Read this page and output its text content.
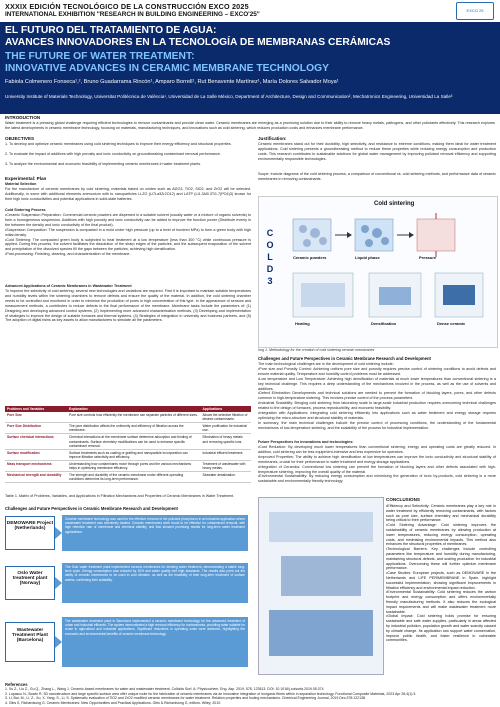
XXXIX EDICIÓN TECNOLÓGICO DE LA CONSTRUCCIÓN EXCO 2025
INTERNATIONAL EXHIBITION "RESEARCH IN BUILDING ENGINEERING – EXCO'25"
EXCO 25
EL FUTURO DEL TRATAMIENTO DE AGUA:
AVANCES INNOVADORES EN LA TECNOLOGÍA DE MEMBRANAS CERÁMICAS
THE FUTURE OF WATER TREATMENT:
INNOVATIVE ADVANCES IN CERAMIC MEMBRANE TECHNOLOGY
Fabiola Colmenero Fonseca¹,², Bruno Guadarrama Rincón¹, Amparo Borrell¹, Rut Benavente Martínez¹, María Dolores Salvador Moya¹
University Institute of Materials Technology, Universitat Politècnica de València¹, Universidad de La Salle México, Department of Architecture, Design and Communication², Mechatronics Engineering, Universidad La Salle³
INTRODUCTION
Water treatment is a pressing global challenge requiring efficient technologies to remove contaminants and provide clean water. Ceramic membranes are emerging as a promising solution due to their ability to remove heavy metals, pathogens, and other pollutants effectively. This research explores the latest developments in ceramic membrane technology, focusing on materials, manufacturing techniques, and innovations such as cold sintering, which reduces production costs and enhances membrane performance.
OBJECTIVES
1. To develop and optimize ceramic membranes using cold sintering techniques to improve their energy efficiency and structural properties.
2. To evaluate the impact of additives with high porosity and ionic conductivity on groundbreaking contaminant removal performance.
3. To analyze the environmental and economic feasibility of implementing ceramic membranes in water treatment plants.
Justification:
Ceramic membranes stand out for their durability, high selectivity, and resistance to extreme conditions, making them ideal for water treatment applications. Cold sintering presents a groundbreaking method to reduce these properties while reducing energy consumption and production costs. This research contributes to sustainable solutions for global water management by improving pollutant removal efficiency and supporting environmentally responsible technologies.
Scope: Include diagrams of the cold sintering process, a comparison of conventional vs. cold sintering methods, and performance data of ceramic membranes in removing contaminants.
Experimental: Plan
Material Selection
For the manufacture of ceramic membranes by cold sintering, materials based on oxides such as Al2O3, TiO2, SiO2, and ZrO2 will be selected. Additionally, in some with additional elements ammonium with to nanoparticles LLZO (Li7La3Zr2O12) and LATP (Li1.3Al0.3Ti1.7(PO4)3) known for their high ionic conductivities and potential applications in solid-state batteries.
Cold Sintering Process
•Ceramic Suspension Preparation: Commercial ceramic powders are dispersed in a suitable solvent (usually water or a mixture of organic solvents) to form a homogeneous suspension. Additives with high porosity and ionic conductivity can be added to improve the function power (Distribute evenly in the between the density and ionic conductivity of the final product).
•Suspension Compaction: The suspension is compacted in a mold under high pressure (up to a level of hundred MPa) to form a green body with high initial density.
•Cold Sintering: The compacted green body is subjected to heat treatment at a low temperature (less than 300 °C) while continuous pressure is applied. During this process, the solvent facilitates the dissolution of the sharp edges of the particles, and the subsequent evaporation of the solvent and precipitation of the dissolved species fill the gaps between the particles, achieving high densification.
•Post-processing: Finishing, cleaning, and characterization of the membrane.
Advanced Applications of Ceramic Membranes in Wastewater Treatment
To improve the selectivity of cold sintering, several new technologies and variations are required. First it is important to maintain suitable temperatures and humidity levels within the sintering chambers to remove defects and ensure the quality of the material. In addition, the cold sintering chamber needs to be controlled and monitored in order to minimise the production of pores in high concentration of this type. In the appearance of sensors and measurement methods, a contributes to reduce defects in the final performance of the membrane. Membrane tasks include the parameters of: (1) Designing and developing advanced control systems, (2) Implementing more advanced characterisation methods, (3) Developing and implementation of strategies to improve the design of suitable furnaces and thermal systems, (4) Strategies of integration in university and business partners, and (5) The adoption of digital twins as key assets to allow manufacturers to simulate all the parameters.
Problems and Variables	Explanation	Applications
Pore Size	Pore size controls how efficiently the membrane can separate particles of different sizes.	Allows the selective filtration of desired contaminants.
Pore Size Distribution	The pore distribution affects the uniformity and efficiency of filtration across the membrane.	Water purification for industrial use.
Surface chemical interactions	Chemical interactions at the membrane surface determine adsorption and binding of contaminants. Surface chemistry modifications can be used to enhance specific contaminant removal.	Elimination of heavy metals and removing specific ions.
Surface modification	Surface treatments such as coating or grafting and nanoparticle incorporation can improve filtration selectivity and efficiency.	Industrial effluent treatment.
Mass transport mechanisms	Understanding how contaminants move through pores and the various mechanisms helps in optimizing membrane efficiency.	Treatment of wastewater with heavy metals.
Mechanical strength and durability	The strength and durability of the ceramic membrane under different operating conditions determine its long-term performance.	Seawater desalination.
Table 1. Matrix of Problems, Variables, and Applications in Filtration Mechanisms and Properties of Ceramic Membranes in Water Treatment.
Challenges and Future Perspectives in Ceramic Membrane Research and Development
DEMOWARE Project (Netherlands)
Ceramic membrane technology was used for the effective removal of the pollutant phosphorus in an industrial application where wastewater treatment was selectively treated. Ceramic membranes were found to be effective for contaminant removal, with high retention rate of membrane and chemical stability, and that showed promising results for long-term water treatment applications.
Oslo Water treatment plant (Norway)
The Oslo water treatment plant implemented ceramic membranes for drinking water treatment, demonstrating a stable long-term cycle. Energy consumption was reduced by 20% and water quality met high standards. The results also point out the ability of ceramic membranes to be used in cold climates, as well as the feasibility of their long-term treatment of surface waters, confirming their suitability.
Wastewater Treatment Plant (Barcelona)
The wastewater treatment plant in Barcelona implemented a ceramic membrane technology for the advanced treatment of urban and industrial effluents. The system demonstrated a high removal efficiency for contaminants, providing water suitable for reuse in agricultural and industrial applications. Significant reductions in operating costs were achieved, highlighting the economic and environmental benefits of ceramic membrane technology.
C O L D 3
Cold sintering
Ceramic powders	Liquid phase	Pressure
Heating	Densification	Dense ceramic
Img 1. Methodology for the creation of cold sintering ceramic membranes
Challenges and Future Perspectives in Ceramic Membrane Research and Development
The main technological challenges are in the development of cold sintering include:
•Pore size and Porosity Control: Achieving uniform pore size and porosity requires precise control of sintering conditions to avoid defects and ensure material quality. Temperature and humidity control problems must be addressed.
•Low temperature and Low Temperature: Achieving high densification of materials at much lower temperatures than conventional sintering is a key technical challenge. This requires a deep understanding of the mechanisms involved in the process, as well as the use of solvents and additives.
•Defect Elimination: Developments and technical solutions are needed to prevent the formation of blocking layers, pores, and other defects common in high-temperature sintering. This involves precise control of the process parameters.
•Industrial Scalability: Bringing cold sintering from laboratory scale to large-scale industrial production requires overcoming technical challenges related to the design of furnaces, process reproducibility, and economic feasibility.
•Integration with Applications: Integrating cold sintering efficiently into applications such as water treatment and energy storage requires optimizing the micro-structure and structural stability of materials.
In summary, the main technical challenges include the precise control of processing conditions, the understanding of the fundamental mechanisms of low-temperature sintering, and the scalability of the process for industrial implementation.
Future Perspectives for innovations and technologies:
•Cost Reduction: By developing much lower temperatures than conventional sintering, energy and operating costs are greatly reduced. In addition, cold sintering can be less equipment-intensive and less expensive for operators.
•Improved Properties: The ability to achieve high densification at low temperatures can improve the ionic conductivity and structural stability of membranes, crucial for their performance in water treatment and energy storage applications.
•Integration of Ceramics: Conventional low sintering can prevent the formation of blocking layers and other defects associated with high-temperature sintering, improving the overall quality of the material.
•Environmental Sustainability: By reducing energy consumption and minimising the generation of toxic by-products, cold sintering is a more sustainable and environmentally friendly technology.
CONCLUSIONS
•Efficiency and Selectivity: Ceramic membranes play a key role in water treatment by efficiently removing contaminants, with factors such as pore size, surface chemistry and mechanical durability being critical to their performance.
•Cold Sintering Advantage: Cold sintering improves the sustainability of ceramic membranes by allowing production at lower temperatures, reducing energy consumption, operating costs, and minimising environmental impacts. This method also enhances the structural properties of membranes.
•Technological Barriers: Key challenges include controlling parameters like temperature and humidity during manufacturing, maintaining structural defects, and scaling production for industrial applications. Overcoming these will further optimize membrane performance.
•Case Studies: European projects, such as DEMOWARE in the Netherlands and LIFE PERIMEMBRANE in Spain, highlight successful implementation, showing significant improvements in filtration efficiency and environmental impact reduction.
•Environmental Sustainability: Cold sintering reduces the carbon footprint and energy consumption and offers environmentally friendly manufacturing methods. It also reduces the ecological impact requirements and will make wastewater treatment more sustainable.
•Global Impact: Cold sintering holds promise for ensuring sustainable and safe water supplies, particularly in areas affected by industrial pollution, population growth and water scarcity caused by climate change. Its application can support water conservation, improve public health, and foster resilience in vulnerable communities.
References
1. Xu Z., Liu Z., Gu Q., Zhang L., Wang J. Ceramic-based membranes for water and wastewater treatment. Colloids Surf. A: Physicochem. Eng. Asp. 2019, 578, 123513. DOI: 10.1016/j.colsurfa.2019.05.074
2. Lupascu N., Bowin R. 3D nanostructure and large specific surface area offer unique route for the fabrication of ceramic membranes via an innovative integration of inorganic fibres within in separation technology. Functional Composite Materials, 2023 Apr 26;4(1):3.
3. Li, Bai, M., Li, Z., Xu, X. Yang, S., Li, S. Systematic evaluation of TiO2 and ZrO2 modified ceramic membranes for water treatment. Relation properties and fouling mechanisms. Chemical Engineering Journal, 2019 Dec;378:122138.
4. Gibs S, Richardsong G. Ceramic Membranes: New Opportunities and Practical Applications. Gibs & Richardsong G, editors. Wiley; 2010.
